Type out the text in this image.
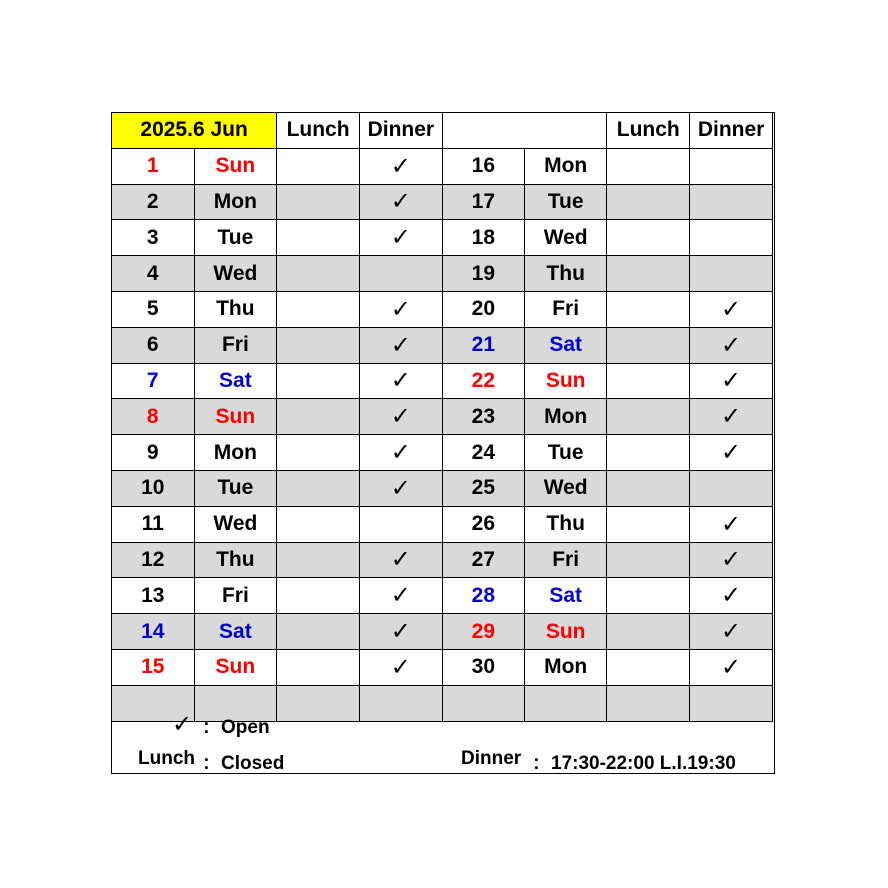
2025.6 Jun		Lunch	Dinner			Lunch	Dinner
1	Sun		✓	16	Mon		
2	Mon		✓	17	Tue		
3	Tue		✓	18	Wed		
4	Wed			19	Thu		
5	Thu		✓	20	Fri		✓
6	Fri		✓	21	Sat		✓
7	Sat		✓	22	Sun		✓
8	Sun		✓	23	Mon		✓
9	Mon		✓	24	Tue		✓
10	Tue		✓	25	Wed		
11	Wed			26	Thu		✓
12	Thu		✓	27	Fri		✓
13	Fri		✓	28	Sat		✓
14	Sat		✓	29	Sun		✓
15	Sun		✓	30	Mon		✓

✓ ：Open
Lunch ：Closed	Dinner ：17:30-22:00 L.I.19:30
